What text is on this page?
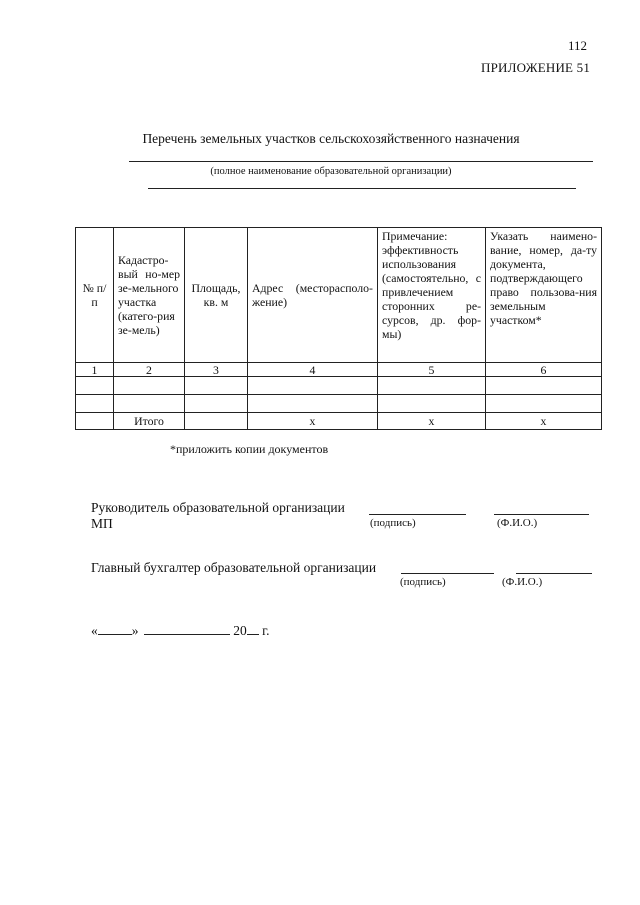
112
ПРИЛОЖЕНИЕ 51
Перечень земельных участков сельскохозяйственного назначения
(полное наименование образовательной организации)
№ п/п	Кадастро-вый но-мер зе-мельного участка (катего-рия зе-мель)	Площадь, кв. м	Адрес (месторасполо-жение)	Примечание: эффективность использования (самостоятельно, с привлечением сторонних ре-сурсов, др. фор-мы)	Указать наимено-вание, номер, да-ту документа, подтверждающего право пользова-ния земельным участком*
1	2	3	4	5	6

	Итого		х	х	х
*приложить копии документов
Руководитель образовательной организации
МП	(подпись)	(Ф.И.О.)
Главный бухгалтер образовательной организации
(подпись)	(Ф.И.О.)
«	»	20 г.
